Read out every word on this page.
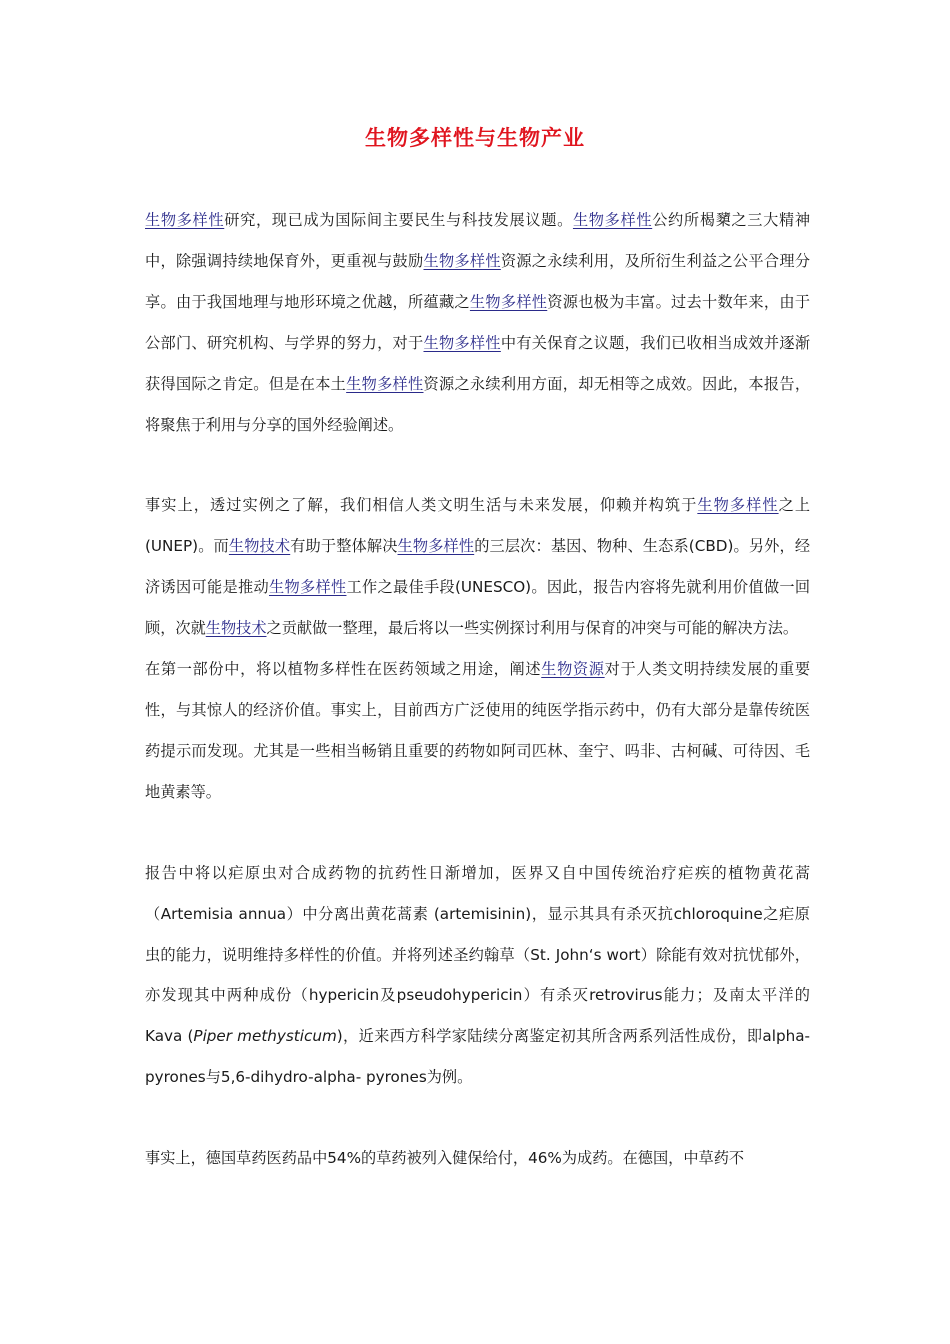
生物多样性与生物产业

生物多样性研究，现已成为国际间主要民生与科技发展议题。生物多样性公约所楬櫫之三大精神中，除强调持续地保育外，更重视与鼓励生物多样性资源之永续利用，及所衍生利益之公平合理分享。由于我国地理与地形环境之优越，所蕴藏之生物多样性资源也极为丰富。过去十数年来，由于公部门、研究机构、与学界的努力，对于生物多样性中有关保育之议题，我们已收相当成效并逐渐获得国际之肯定。但是在本土生物多样性资源之永续利用方面，却无相等之成效。因此，本报告，将聚焦于利用与分享的国外经验阐述。

事实上，透过实例之了解，我们相信人类文明生活与未来发展，仰赖并构筑于生物多样性之上(UNEP)。而生物技术有助于整体解决生物多样性的三层次：基因、物种、生态系(CBD)。另外，经济诱因可能是推动生物多样性工作之最佳手段(UNESCO)。因此，报告内容将先就利用价值做一回顾，次就生物技术之贡献做一整理，最后将以一些实例探讨利用与保育的冲突与可能的解决方法。

在第一部份中，将以植物多样性在医药领域之用途，阐述生物资源对于人类文明持续发展的重要性，与其惊人的经济价值。事实上，目前西方广泛使用的纯医学指示药中，仍有大部分是靠传统医药提示而发现。尤其是一些相当畅销且重要的药物如阿司匹林、奎宁、吗非、古柯碱、可待因、毛地黄素等。

报告中将以疟原虫对合成药物的抗药性日渐增加，医界又自中国传统治疗疟疾的植物黄花蒿（Artemisia annua）中分离出黄花蒿素 (artemisinin)，显示其具有杀灭抗chloroquine之疟原虫的能力，说明维持多样性的价值。并将列述圣约翰草（St. John‘s wort）除能有效对抗忧郁外，亦发现其中两种成份（hypericin及pseudohypericin）有杀灭retrovirus能力；及南太平洋的Kava (Piper methysticum)，近来西方科学家陆续分离鉴定初其所含两系列活性成份，即alpha-pyrones与5,6-dihydro-alpha- pyrones为例。

事实上，德国草药医药品中54%的草药被列入健保给付，46%为成药。在德国，中草药不
